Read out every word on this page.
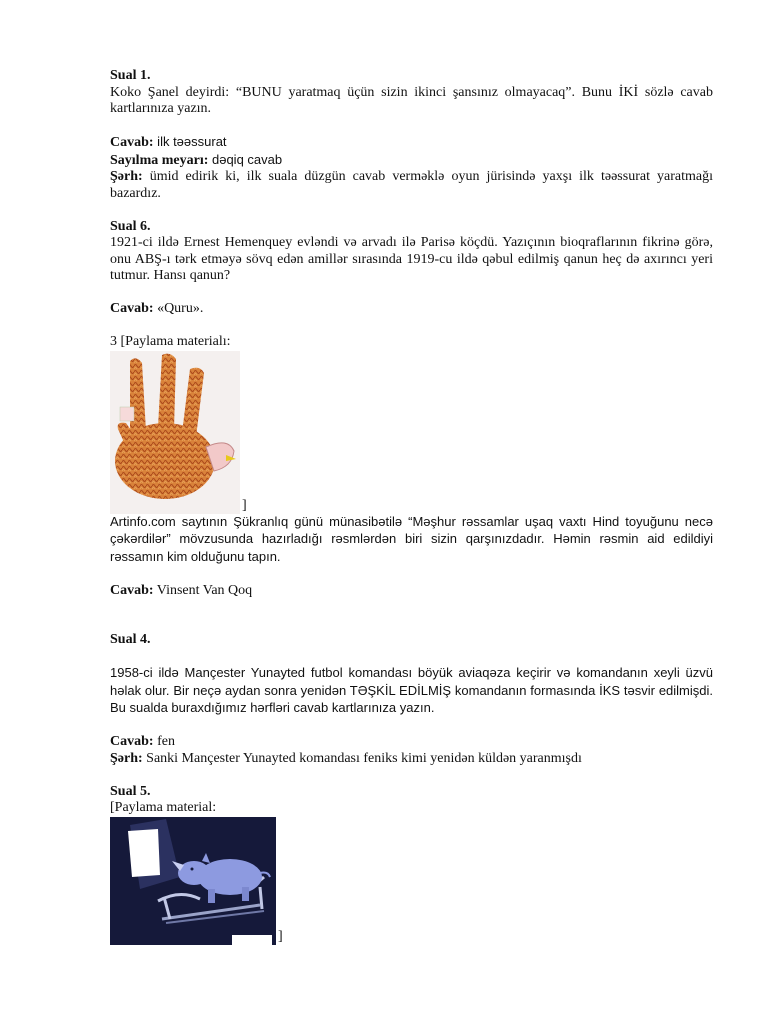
Sual 1.

Koko Şanel deyirdi: “BUNU yaratmaq üçün sizin ikinci şansınız olmayacaq”. Bunu İKİ sözlə cavab kartlarınıza yazın.

Cavab: ilk təəssurat

Sayılma meyarı: dəqiq cavab

Şərh: ümid edirik ki, ilk suala düzgün cavab verməklə oyun jürisində yaxşı ilk təəssurat yaratmağı bazardız.

Sual 6.

1921-ci ildə Ernest Hemenquey evləndi və arvadı ilə Parisə köçdü. Yazıçının bioqraflarının fikrinə görə, onu ABŞ-ı tərk etməyə sövq edən amillər sırasında 1919-cu ildə qəbul edilmiş qanun heç də axırıncı yeri tutmur. Hansı qanun?

Cavab: «Quru».

3 [Paylama materialı:

]

Artinfo.com saytının Şükranlıq günü münasibətilə “Məşhur rəssamlar uşaq vaxtı Hind toyuğunu necə çəkərdilər” mövzusunda hazırladığı rəsmlərdən biri sizin qarşınızdadır. Həmin rəsmin aid edildiyi rəssamın kim olduğunu tapın.

Cavab: Vinsent Van Qoq

Sual 4.

1958-ci ildə Mançester Yunayted futbol komandası böyük aviaqəza keçirir və komandanın xeyli üzvü həlak olur. Bir neçə aydan sonra yenidən TƏŞKİL EDİLMİŞ komandanın formasında İKS təsvir edilmişdi. Bu sualda buraxdığımız hərfləri cavab kartlarınıza yazın.

Cavab: fen

Şərh: Sanki Mançester Yunayted komandası feniks kimi yenidən küldən yaranmışdı

Sual 5.

[Paylama material:

]
